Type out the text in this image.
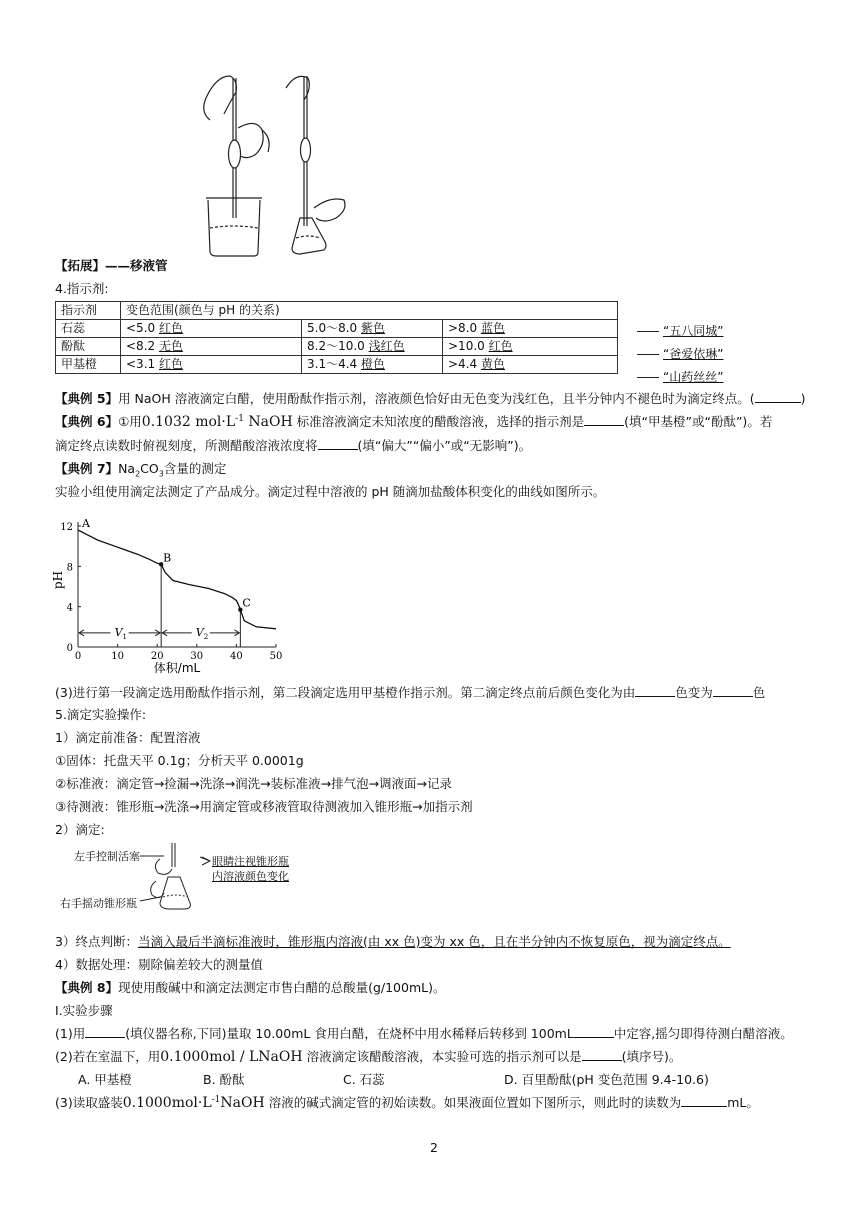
【拓展】——移液管
4.指示剂:
指示剂	变色范围(颜色与 pH 的关系)		
石蕊	<5.0 红色	5.0～8.0 紫色	>8.0 蓝色
酚酞	<8.2 无色	8.2～10.0 浅红色	>10.0 红色
甲基橙	<3.1 红色	3.1～4.4 橙色	>4.4 黄色
“五八同城”
“爸爱依琳”
“山药丝丝”
【典例 5】用 NaOH 溶液滴定白醋，使用酚酞作指示剂，溶液颜色恰好由无色变为浅红色，且半分钟内不褪色时为滴定终点。(	)
【典例 6】①用0.1032 $mol\cdot L^{-1}$ NaOH 标准溶液滴定未知浓度的醋酸溶液，选择的指示剂是	(填“甲基橙”或“酚酞”)。若
滴定终点读数时俯视刻度，所测醋酸溶液浓度将	(填“偏大”“偏小”或“无影响”)。
【典例 7】$Na_2CO_3$含量的测定
实验小组使用滴定法测定了产品成分。滴定过程中溶液的 pH 随滴加盐酸体积变化的曲线如图所示。
0	10	20	30	40	50
0
4
8
12 A
B
C
$V_1$	$V_2$
pH
体积/mL
(3)进行第一段滴定选用酚酞作指示剂，第二段滴定选用甲基橙作指示剂。第二滴定终点前后颜色变化为由	色变为	色
5.滴定实验操作:
1）滴定前准备：配置溶液
①固体：托盘天平 0.1g；分析天平 0.0001g
②标准液：滴定管→捡漏→洗涤→润洗→装标准液→排气泡→调液面→记录
③待测液：锥形瓶→洗涤→用滴定管或移液管取待测液加入锥形瓶→加指示剂
2）滴定:
左手控制活塞
右手摇动锥形瓶
眼睛注视锥形瓶
内溶液颜色变化
3）终点判断：当滴入最后半滴标准液时，锥形瓶内溶液(由 xx 色)变为 xx 色，且在半分钟内不恢复原色，视为滴定终点。
4）数据处理：剔除偏差较大的测量值
【典例 8】现使用酸碱中和滴定法测定市售白醋的总酸量(g/100mL)。
Ⅰ.实验步骤
(1)用	(填仪器名称,下同)量取 10.00mL 食用白醋，在烧杯中用水稀释后转移到 100mL	中定容,摇匀即得待测白醋溶液。
(2)若在室温下，用0.1000mol / LNaOH 溶液滴定该醋酸溶液，本实验可选的指示剂可以是	(填序号)。
A. 甲基橙	B. 酚酞	C. 石蕊	D. 百里酚酞(pH 变色范围 9.4-10.6)
(3)读取盛装$0.1000mol\cdot L^{-1}NaOH$ 溶液的碱式滴定管的初始读数。如果液面位置如下图所示，则此时的读数为	mL。
2
